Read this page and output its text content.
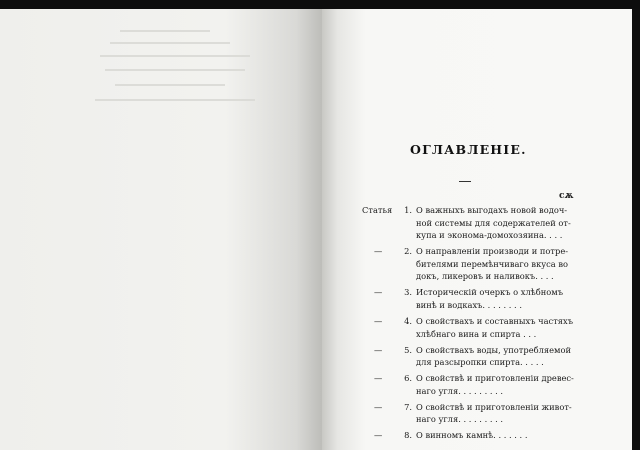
ОГЛАВЛЕНІЕ.
сѫ
Статья 1. О важныхъ выгодахъ новой водоч-
ной системы для содержателей от-
купа и эконома-домохозяина. . . .
—	2. О направленіи производи и потре-
бителями перемѣнчиваго вкуса во
докъ, ликеровъ и наливокъ. . . .
—	3. Историческій очеркъ о хлѣбномъ
винѣ и водкахъ. . . . . . . .
—	4. О свойствахъ и составныхъ частяхъ
хлѣбнаго вина и спирта . . .
—	5. О свойствахъ воды, употребляемой
для разсыропки спирта. . . . .
—	6. О свойствѣ и приготовленіи древес-
наго угля. . . . . . . . .
—	7. О свойствѣ и приготовленіи живот-
наго угля. . . . . . . . .
—	8. О винномъ камнѣ. . . . . . .
